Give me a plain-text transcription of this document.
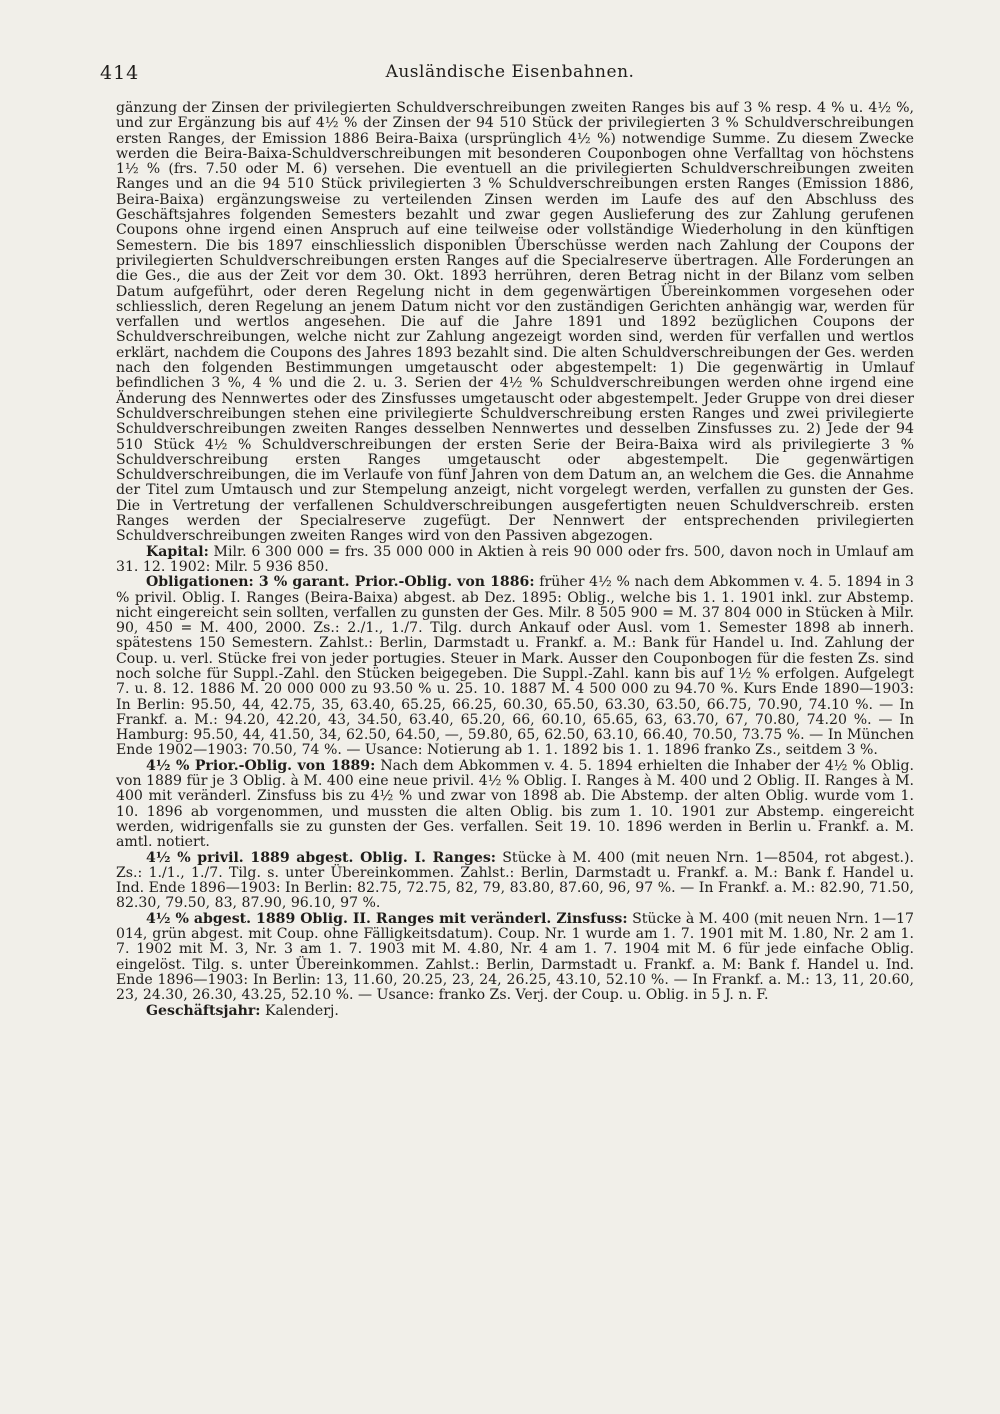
414	Ausländische Eisenbahnen.

gänzung der Zinsen der privilegierten Schuldverschreibungen zweiten Ranges bis auf 3 % resp. 4 % u. 4½ %, und zur Ergänzung bis auf 4½ % der Zinsen der 94 510 Stück der privilegierten 3 % Schuldverschreibungen ersten Ranges, der Emission 1886 Beira-Baixa (ursprünglich 4½ %) notwendige Summe. Zu diesem Zwecke werden die Beira-Baixa-Schuldverschreibungen mit besonderen Couponbogen ohne Verfalltag von höchstens 1½ % (frs. 7.50 oder M. 6) versehen. Die eventuell an die privilegierten Schuldverschreibungen zweiten Ranges und an die 94 510 Stück privilegierten 3 % Schuldverschreibungen ersten Ranges (Emission 1886, Beira-Baixa) ergänzungsweise zu verteilenden Zinsen werden im Laufe des auf den Abschluss des Geschäftsjahres folgenden Semesters bezahlt und zwar gegen Auslieferung des zur Zahlung gerufenen Coupons ohne irgend einen Anspruch auf eine teilweise oder vollständige Wiederholung in den künftigen Semestern. Die bis 1897 einschliesslich disponiblen Überschüsse werden nach Zahlung der Coupons der privilegierten Schuldverschreibungen ersten Ranges auf die Specialreserve übertragen. Alle Forderungen an die Ges., die aus der Zeit vor dem 30. Okt. 1893 herrühren, deren Betrag nicht in der Bilanz vom selben Datum aufgeführt, oder deren Regelung nicht in dem gegenwärtigen Übereinkommen vorgesehen oder schliesslich, deren Regelung an jenem Datum nicht vor den zuständigen Gerichten anhängig war, werden für verfallen und wertlos angesehen. Die auf die Jahre 1891 und 1892 bezüglichen Coupons der Schuldverschreibungen, welche nicht zur Zahlung angezeigt worden sind, werden für verfallen und wertlos erklärt, nachdem die Coupons des Jahres 1893 bezahlt sind. Die alten Schuldverschreibungen der Ges. werden nach den folgenden Bestimmungen umgetauscht oder abgestempelt: 1) Die gegenwärtig in Umlauf befindlichen 3 %, 4 % und die 2. u. 3. Serien der 4½ % Schuldverschreibungen werden ohne irgend eine Änderung des Nennwertes oder des Zinsfusses umgetauscht oder abgestempelt. Jeder Gruppe von drei dieser Schuldverschreibungen stehen eine privilegierte Schuldverschreibung ersten Ranges und zwei privilegierte Schuldverschreibungen zweiten Ranges desselben Nennwertes und desselben Zinsfusses zu. 2) Jede der 94 510 Stück 4½ % Schuldverschreibungen der ersten Serie der Beira-Baixa wird als privilegierte 3 % Schuldverschreibung ersten Ranges umgetauscht oder abgestempelt. Die gegenwärtigen Schuldverschreibungen, die im Verlaufe von fünf Jahren von dem Datum an, an welchem die Ges. die Annahme der Titel zum Umtausch und zur Stempelung anzeigt, nicht vorgelegt werden, verfallen zu gunsten der Ges. Die in Vertretung der verfallenen Schuldverschreibungen ausgefertigten neuen Schuldverschreib. ersten Ranges werden der Specialreserve zugefügt. Der Nennwert der entsprechenden privilegierten Schuldverschreibungen zweiten Ranges wird von den Passiven abgezogen.

Kapital: Milr. 6 300 000 = frs. 35 000 000 in Aktien à reis 90 000 oder frs. 500, davon noch in Umlauf am 31. 12. 1902: Milr. 5 936 850.

Obligationen: 3 % garant. Prior.-Oblig. von 1886: früher 4½ % nach dem Abkommen v. 4. 5. 1894 in 3 % privil. Oblig. I. Ranges (Beira-Baixa) abgest. ab Dez. 1895: Oblig., welche bis 1. 1. 1901 inkl. zur Abstemp. nicht eingereicht sein sollten, verfallen zu gunsten der Ges. Milr. 8 505 900 = M. 37 804 000 in Stücken à Milr. 90, 450 = M. 400, 2000. Zs.: 2./1., 1./7. Tilg. durch Ankauf oder Ausl. vom 1. Semester 1898 ab innerh. spätestens 150 Semestern. Zahlst.: Berlin, Darmstadt u. Frankf. a. M.: Bank für Handel u. Ind. Zahlung der Coup. u. verl. Stücke frei von jeder portugies. Steuer in Mark. Ausser den Couponbogen für die festen Zs. sind noch solche für Suppl.-Zahl. den Stücken beigegeben. Die Suppl.-Zahl. kann bis auf 1½ % erfolgen. Aufgelegt 7. u. 8. 12. 1886 M. 20 000 000 zu 93.50 % u. 25. 10. 1887 M. 4 500 000 zu 94.70 %. Kurs Ende 1890—1903: In Berlin: 95.50, 44, 42.75, 35, 63.40, 65.25, 66.25, 60.30, 65.50, 63.30, 63.50, 66.75, 70.90, 74.10 %. — In Frankf. a. M.: 94.20, 42.20, 43, 34.50, 63.40, 65.20, 66, 60.10, 65.65, 63, 63.70, 67, 70.80, 74.20 %. — In Hamburg: 95.50, 44, 41.50, 34, 62.50, 64.50, —, 59.80, 65, 62.50, 63.10, 66.40, 70.50, 73.75 %. — In München Ende 1902—1903: 70.50, 74 %. — Usance: Notierung ab 1. 1. 1892 bis 1. 1. 1896 franko Zs., seitdem 3 %.

4½ % Prior.-Oblig. von 1889: Nach dem Abkommen v. 4. 5. 1894 erhielten die Inhaber der 4½ % Oblig. von 1889 für je 3 Oblig. à M. 400 eine neue privil. 4½ % Oblig. I. Ranges à M. 400 und 2 Oblig. II. Ranges à M. 400 mit veränderl. Zinsfuss bis zu 4½ % und zwar von 1898 ab. Die Abstemp. der alten Oblig. wurde vom 1. 10. 1896 ab vorgenommen, und mussten die alten Oblig. bis zum 1. 10. 1901 zur Abstemp. eingereicht werden, widrigenfalls sie zu gunsten der Ges. verfallen. Seit 19. 10. 1896 werden in Berlin u. Frankf. a. M. amtl. notiert.

4½ % privil. 1889 abgest. Oblig. I. Ranges: Stücke à M. 400 (mit neuen Nrn. 1—8504, rot abgest.). Zs.: 1./1., 1./7. Tilg. s. unter Übereinkommen. Zahlst.: Berlin, Darmstadt u. Frankf. a. M.: Bank f. Handel u. Ind. Ende 1896—1903: In Berlin: 82.75, 72.75, 82, 79, 83.80, 87.60, 96, 97 %. — In Frankf. a. M.: 82.90, 71.50, 82.30, 79.50, 83, 87.90, 96.10, 97 %.

4½ % abgest. 1889 Oblig. II. Ranges mit veränderl. Zinsfuss: Stücke à M. 400 (mit neuen Nrn. 1—17 014, grün abgest. mit Coup. ohne Fälligkeitsdatum). Coup. Nr. 1 wurde am 1. 7. 1901 mit M. 1.80, Nr. 2 am 1. 7. 1902 mit M. 3, Nr. 3 am 1. 7. 1903 mit M. 4.80, Nr. 4 am 1. 7. 1904 mit M. 6 für jede einfache Oblig. eingelöst. Tilg. s. unter Übereinkommen. Zahlst.: Berlin, Darmstadt u. Frankf. a. M: Bank f. Handel u. Ind. Ende 1896—1903: In Berlin: 13, 11.60, 20.25, 23, 24, 26.25, 43.10, 52.10 %. — In Frankf. a. M.: 13, 11, 20.60, 23, 24.30, 26.30, 43.25, 52.10 %. — Usance: franko Zs. Verj. der Coup. u. Oblig. in 5 J. n. F.

Geschäftsjahr: Kalenderj.
